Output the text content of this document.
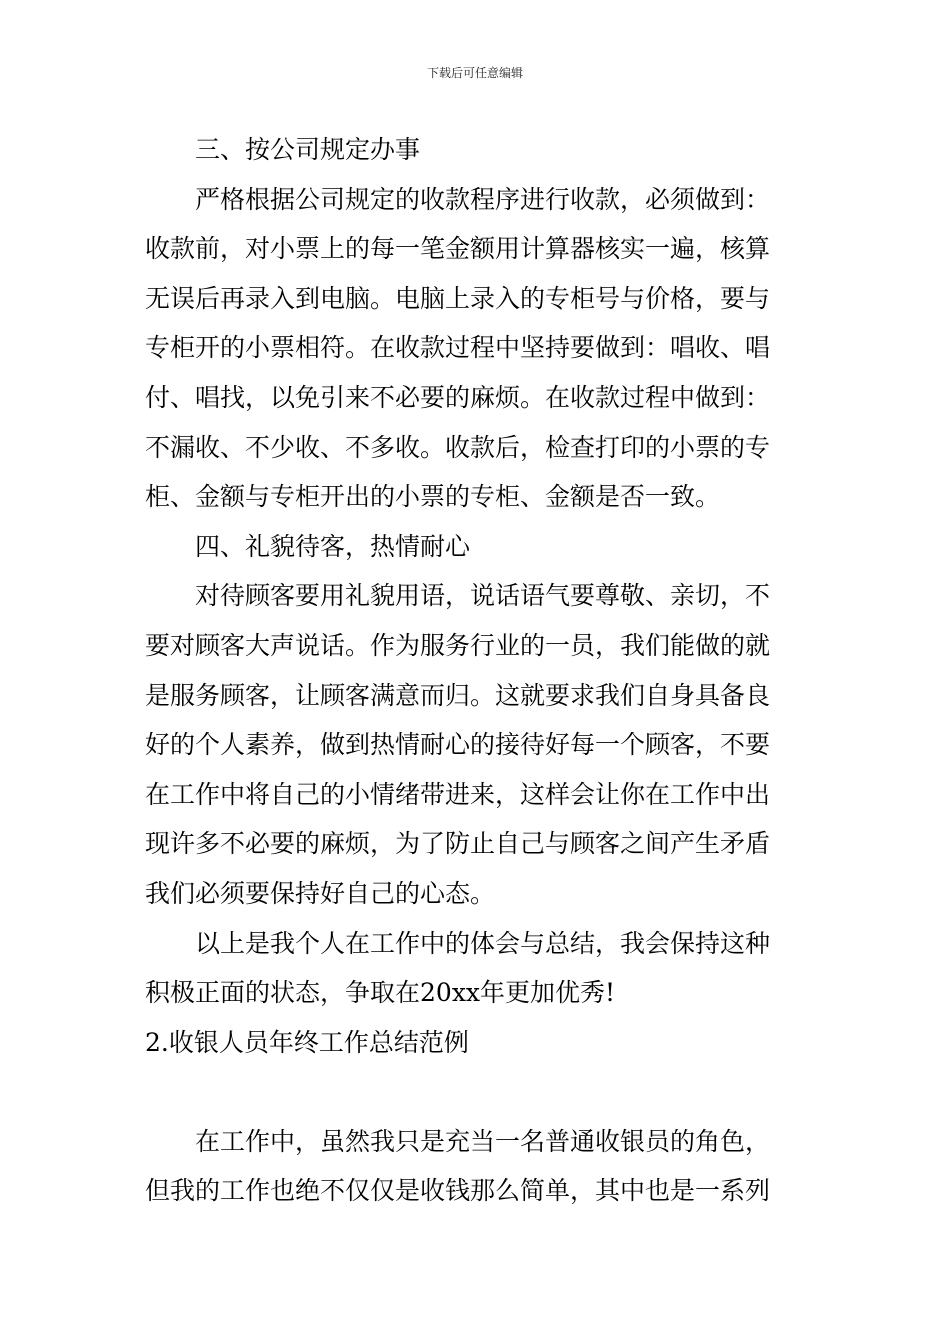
下载后可任意编辑
三、按公司规定办事
严格根据公司规定的收款程序进行收款，必须做到：
收款前，对小票上的每一笔金额用计算器核实一遍，核算
无误后再录入到电脑。电脑上录入的专柜号与价格，要与
专柜开的小票相符。在收款过程中坚持要做到：唱收、唱
付、唱找，以免引来不必要的麻烦。在收款过程中做到：
不漏收、不少收、不多收。收款后，检查打印的小票的专
柜、金额与专柜开出的小票的专柜、金额是否一致。
四、礼貌待客，热情耐心
对待顾客要用礼貌用语，说话语气要尊敬、亲切，不
要对顾客大声说话。作为服务行业的一员，我们能做的就
是服务顾客，让顾客满意而归。这就要求我们自身具备良
好的个人素养，做到热情耐心的接待好每一个顾客，不要
在工作中将自己的小情绪带进来，这样会让你在工作中出
现许多不必要的麻烦，为了防止自己与顾客之间产生矛盾
我们必须要保持好自己的心态。
以上是我个人在工作中的体会与总结，我会保持这种
积极正面的状态，争取在20xx年更加优秀!
2.收银人员年终工作总结范例
在工作中，虽然我只是充当一名普通收银员的角色，
但我的工作也绝不仅仅是收钱那么简单，其中也是一系列
